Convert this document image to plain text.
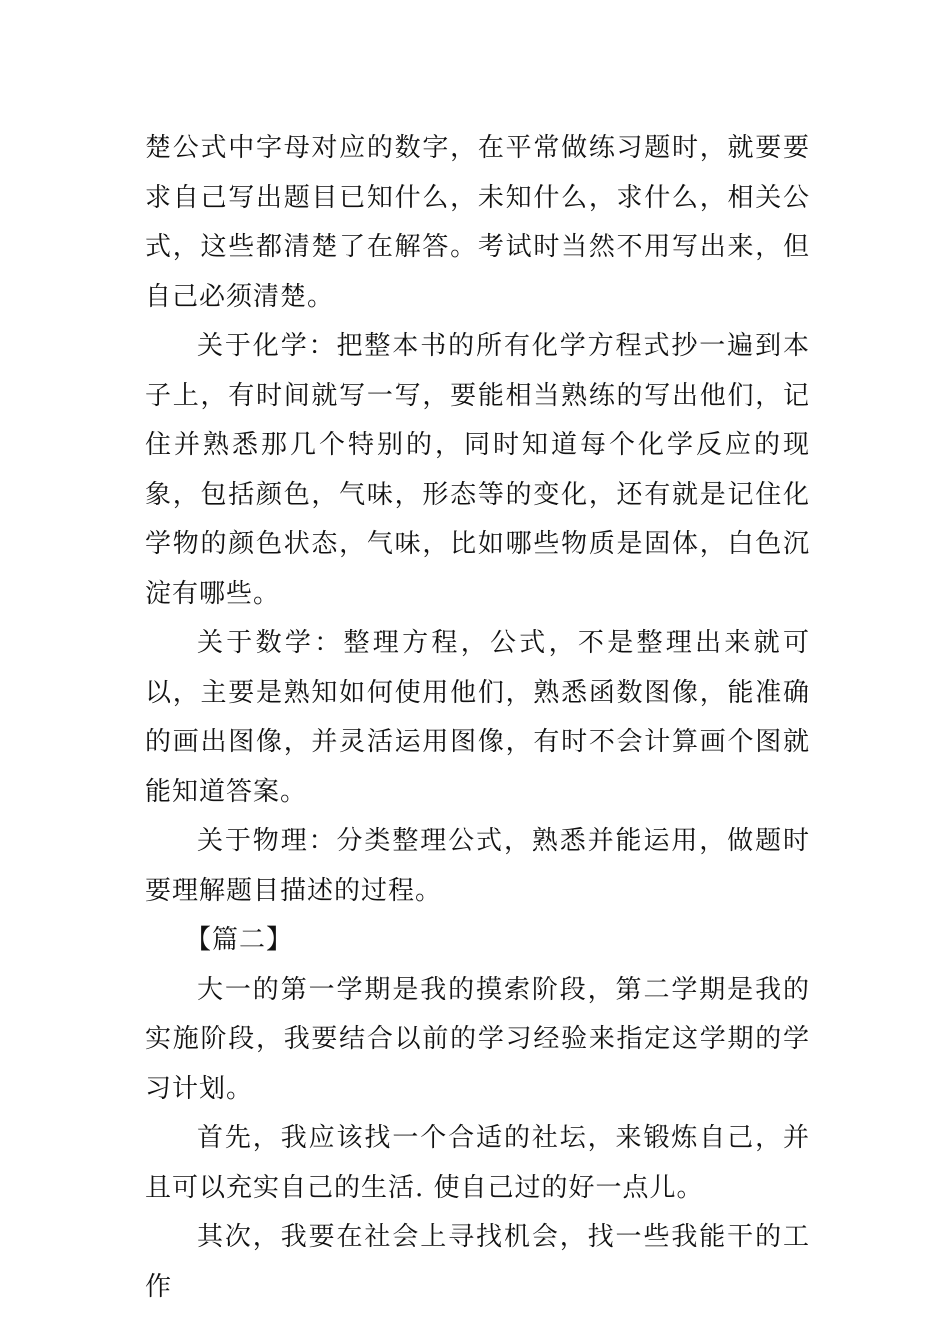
楚公式中字母对应的数字，在平常做练习题时，就要要求自己写出题目已知什么，未知什么，求什么，相关公式，这些都清楚了在解答。考试时当然不用写出来，但自己必须清楚。

关于化学：把整本书的所有化学方程式抄一遍到本子上，有时间就写一写，要能相当熟练的写出他们，记住并熟悉那几个特别的，同时知道每个化学反应的现象，包括颜色，气味，形态等的变化，还有就是记住化学物的颜色状态，气味，比如哪些物质是固体，白色沉淀有哪些。

关于数学：整理方程，公式，不是整理出来就可以，主要是熟知如何使用他们，熟悉函数图像，能准确的画出图像，并灵活运用图像，有时不会计算画个图就能知道答案。

关于物理：分类整理公式，熟悉并能运用，做题时要理解题目描述的过程。

【篇二】

大一的第一学期是我的摸索阶段，第二学期是我的实施阶段，我要结合以前的学习经验来指定这学期的学习计划。

首先，我应该找一个合适的社坛，来锻炼自己，并且可以充实自己的生活. 使自己过的好一点儿。

其次，我要在社会上寻找机会，找一些我能干的工作
